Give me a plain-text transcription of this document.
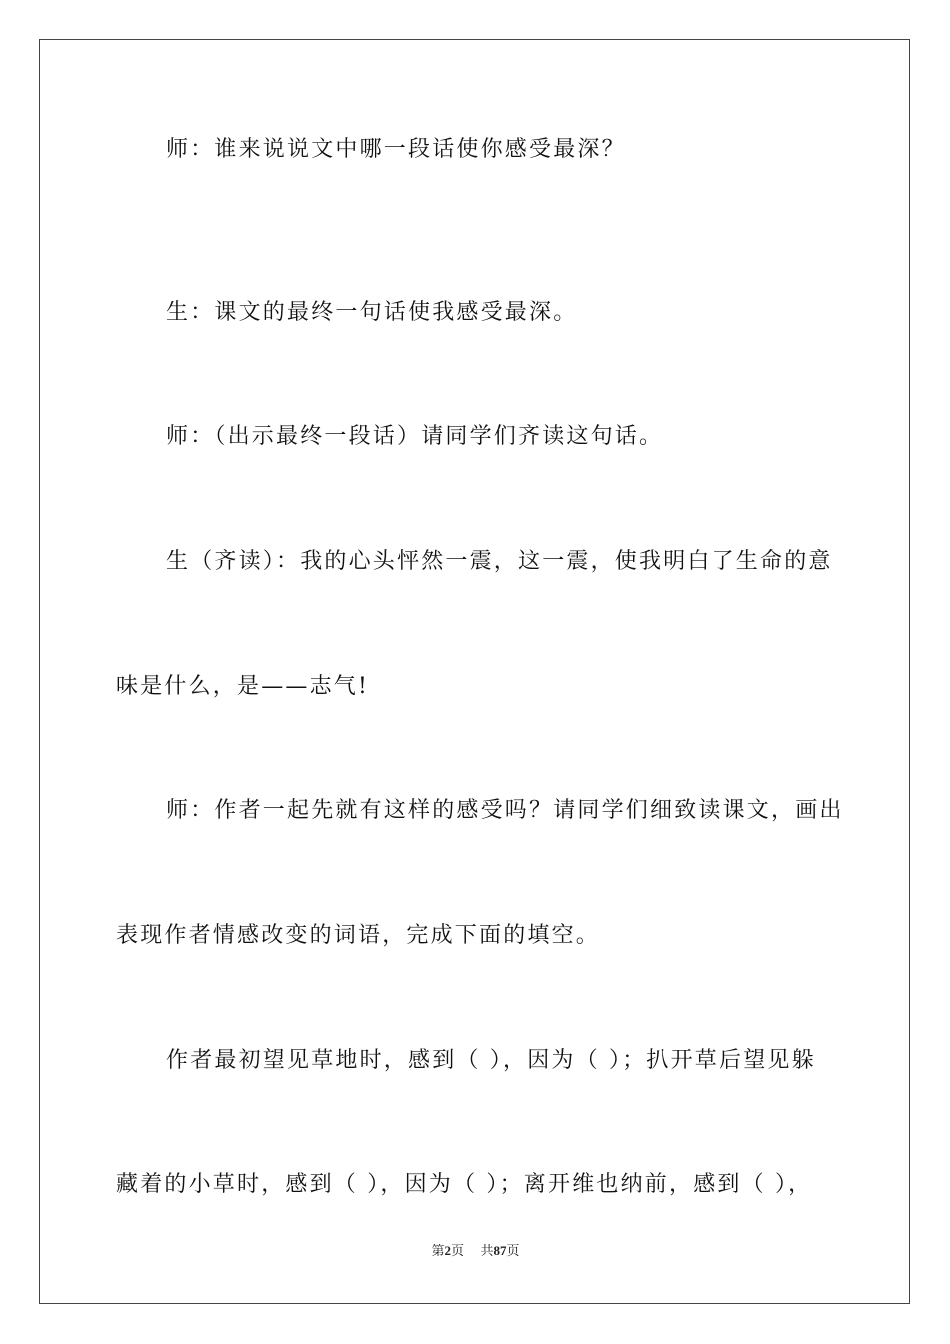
师：谁来说说文中哪一段话使你感受最深？
生：课文的最终一句话使我感受最深。
师：（出示最终一段话）请同学们齐读这句话。
生（齐读）：我的心头怦然一震，这一震，使我明白了生命的意
味是什么，是——志气!
师：作者一起先就有这样的感受吗？请同学们细致读课文，画出
表现作者情感改变的词语，完成下面的填空。
作者最初望见草地时，感到（ ），因为（ ）；扒开草后望见躲
藏着的小草时，感到（ ），因为（ ）；离开维也纳前，感到（ ），
第2页 共87页
